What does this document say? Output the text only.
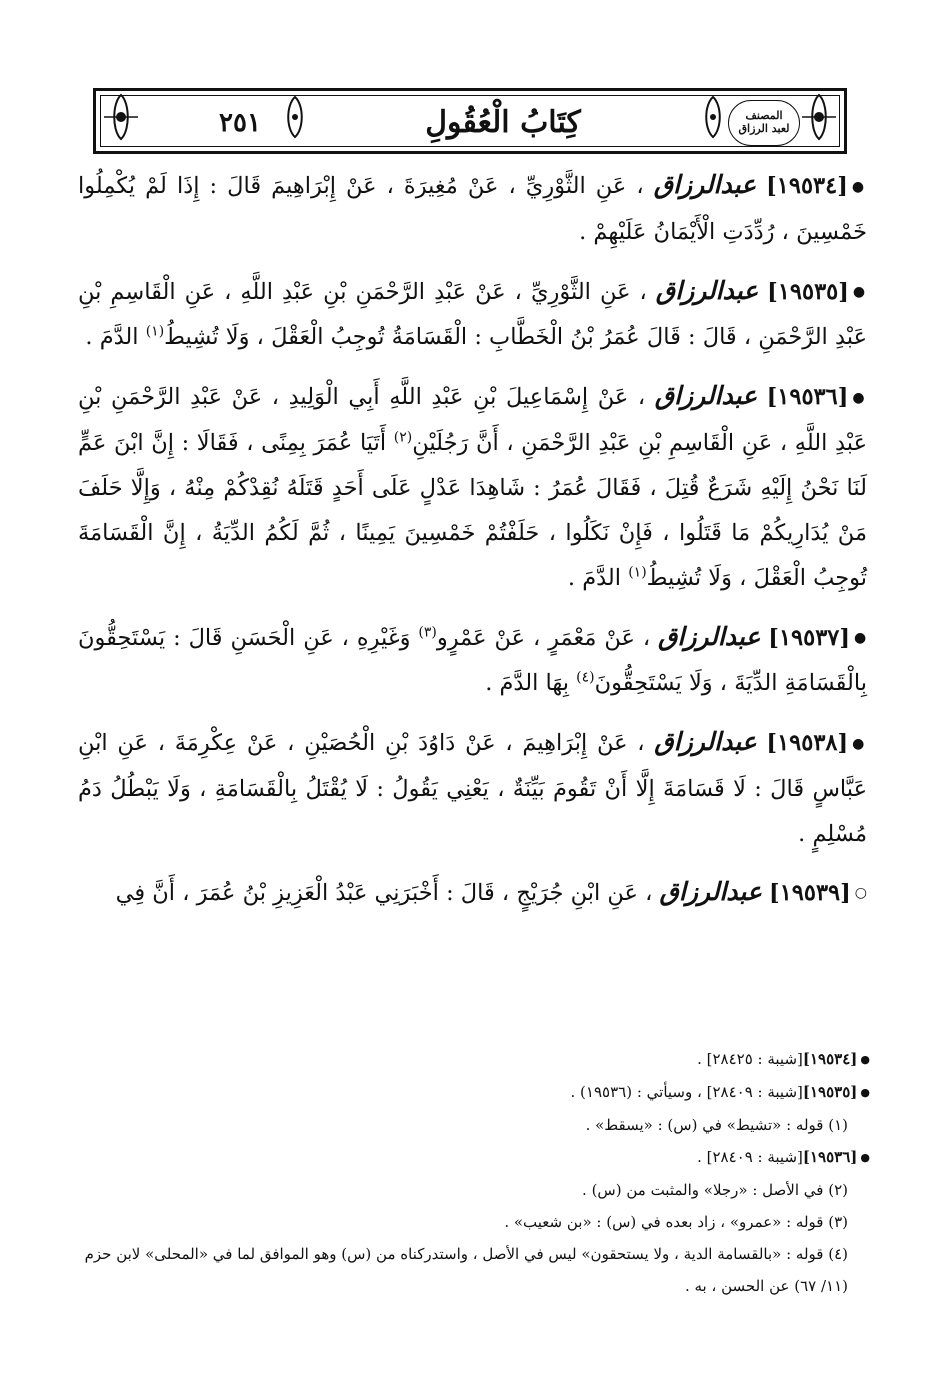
٢٥١	كِتَابُ الْعُقُولِ	المصنف
لعبد الرزاق

●[١٩٥٣٤] عبدالرزاق ، عَنِ الثَّوْرِيِّ ، عَنْ مُغِيرَةَ ، عَنْ إِبْرَاهِيمَ قَالَ : إِذَا لَمْ يُكْمِلُوا خَمْسِينَ ، رُدِّدَتِ الْأَيْمَانُ عَلَيْهِمْ .

●[١٩٥٣٥] عبدالرزاق ، عَنِ الثَّوْرِيِّ ، عَنْ عَبْدِ الرَّحْمَنِ بْنِ عَبْدِ اللَّهِ ، عَنِ الْقَاسِمِ بْنِ عَبْدِ الرَّحْمَنِ ، قَالَ : قَالَ عُمَرُ بْنُ الْخَطَّابِ : الْقَسَامَةُ تُوجِبُ الْعَقْلَ ، وَلَا تُشِيطُ$^{(١)}$ الدَّمَ .

●[١٩٥٣٦] عبدالرزاق ، عَنْ إِسْمَاعِيلَ بْنِ عَبْدِ اللَّهِ أَبِي الْوَلِيدِ ، عَنْ عَبْدِ الرَّحْمَنِ بْنِ عَبْدِ اللَّهِ ، عَنِ الْقَاسِمِ بْنِ عَبْدِ الرَّحْمَنِ ، أَنَّ رَجُلَيْنِ$^{(٢)}$ أَتَيَا عُمَرَ بِمِنًى ، فَقَالَا : إِنَّ ابْنَ عَمٍّ لَنَا نَحْنُ إِلَيْهِ شَرَعٌ قُتِلَ ، فَقَالَ عُمَرُ : شَاهِدَا عَدْلٍ عَلَى أَحَدٍ قَتَلَهُ نُقِدْكُمْ مِنْهُ ، وَإِلَّا حَلَفَ مَنْ يُدَارِيكُمْ مَا قَتَلُوا ، فَإِنْ نَكَلُوا ، حَلَفْتُمْ خَمْسِينَ يَمِينًا ، ثُمَّ لَكُمُ الدِّيَةُ ، إِنَّ الْقَسَامَةَ تُوجِبُ الْعَقْلَ ، وَلَا تُشِيطُ$^{(١)}$ الدَّمَ .

●[١٩٥٣٧] عبدالرزاق ، عَنْ مَعْمَرٍ ، عَنْ عَمْرٍو$^{(٣)}$ وَغَيْرِهِ ، عَنِ الْحَسَنِ قَالَ : يَسْتَحِقُّونَ بِالْقَسَامَةِ الدِّيَةَ ، وَلَا يَسْتَحِقُّونَ$^{(٤)}$ بِهَا الدَّمَ .

●[١٩٥٣٨] عبدالرزاق ، عَنْ إِبْرَاهِيمَ ، عَنْ دَاوُدَ بْنِ الْحُصَيْنِ ، عَنْ عِكْرِمَةَ ، عَنِ ابْنِ عَبَّاسٍ قَالَ : لَا قَسَامَةَ إِلَّا أَنْ تَقُومَ بَيِّنَةٌ ، يَعْنِي يَقُولُ : لَا يُقْتَلُ بِالْقَسَامَةِ ، وَلَا يَبْطُلُ دَمُ مُسْلِمٍ .

○[١٩٥٣٩] عبدالرزاق ، عَنِ ابْنِ جُرَيْجٍ ، قَالَ : أَخْبَرَنِي عَبْدُ الْعَزِيزِ بْنُ عُمَرَ ، أَنَّ فِي

●[١٩٥٣٤][شيبة : ٢٨٤٢٥] .

●[١٩٥٣٥][شيبة : ٢٨٤٠٩] ، وسيأتي : (١٩٥٣٦) .

(١) قوله : «تشيط» في (س) : «يسقط» .

●[١٩٥٣٦][شيبة : ٢٨٤٠٩] .

(٢) في الأصل : «رجلا» والمثبت من (س) .

(٣) قوله : «عمرو» ، زاد بعده في (س) : «بن شعيب» .

(٤) قوله : «بالقسامة الدية ، ولا يستحقون» ليس في الأصل ، واستدركناه من (س) وهو الموافق لما في «المحلى» لابن حزم (١١/ ٦٧) عن الحسن ، به .
